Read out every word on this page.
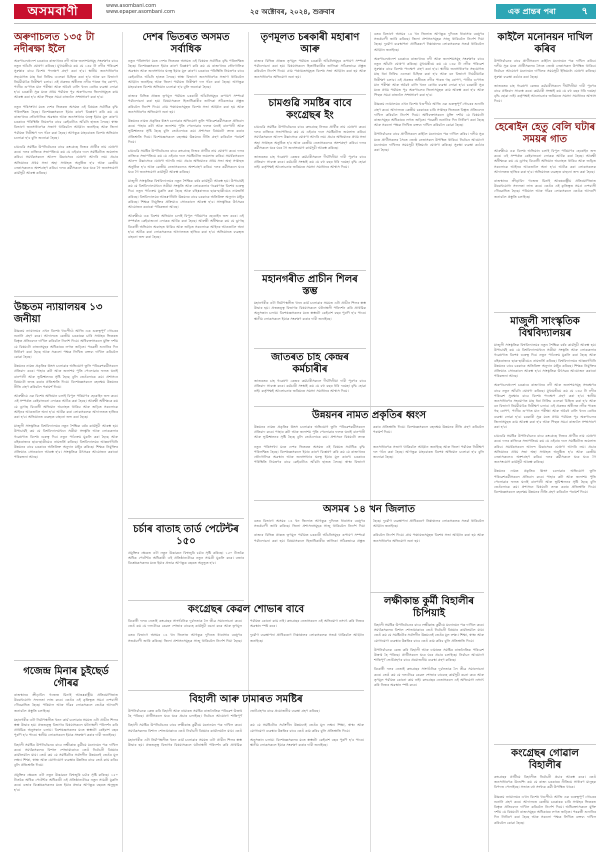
অসমবাণী	www.asombani.com
www.epaper.asombani.com	২৫ অক্টোবৰ, ২০২৪, শুক্ৰবাৰ	এক প্ৰান্তৰ পৰা	৭
অৰুণাচলত ১৩৫ টা নদীৰক্ষা ইলৈ

অৰুণাচলপ্ৰদেশ চৰকাৰে ৰাজ্যখনৰ নদী আৰু জলাশয়সমূহ সংৰক্ষণৰ বাবে নতুন আঁচনি ঘোষণা কৰিছে। মুখ্যমন্ত্ৰীয়ে কয় যে ১৩৫ টা নদীৰ পৰিৱেশ সুৰক্ষাৰ বাবে বিশেষ পদক্ষেপ গ্ৰহণ কৰা হ'ব। স্থানীয় জনসাধাৰণৰ সহযোগত মাছ ধৰা নিষিদ্ধ এলেকা চিহ্নিত কৰা হ'ব আৰু বন বিভাগে নিয়মীয়াকৈ নিৰীক্ষণ চলাব। এই প্ৰকল্পৰ অধীনত নদীৰ পাৰত গছ ৰোপণ, পানীৰ গুণগত মান পৰীক্ষা আৰু অবৈধ বালি খনন ৰোধৰ ব্যৱস্থা লোৱা হ'ব। চৰকাৰী সূত্ৰ মতে প্ৰথম পৰ্যায়ত পূব অৰুণাচলৰ জিলাসমূহত কাম আৰম্ভ কৰা হ'ব আৰু পিছত সমগ্ৰ ৰাজ্যলৈ সম্প্ৰসাৰণ কৰা হ'ব।

নতুন পৰিসংখ্যা মতে দেশৰ ভিতৰত অসমত এই বিষয়ত সৰ্বাধিক বৃদ্ধি পৰিলক্ষিত হৈছে। বিশেষজ্ঞসকলে ইয়াৰ কাৰণ বিশ্লেষণ কৰি কয় যে ৰাজ্যখনৰ ভৌগোলিক অৱস্থান আৰু জনসংখ্যাৰ ঘনত্ব ইয়াৰ মূল কাৰণ। চৰকাৰে পৰিস্থিতি নিয়ন্ত্ৰণৰ বাবে কেইবাটাও আঁচনি হাতত লৈছে। স্বাস্থ্য বিভাগে জনসাধাৰণক সজাগ থাকিবলৈ আহ্বান জনাইছে আৰু জিলা পৰ্যায়ত নিৰীক্ষণ দল গঠন কৰা হৈছে। আগন্তুক মাহবোৰত বিশেষ অভিযান চলোৱা হ'ব বুলি জনোৱা হৈছে।

চামগুৱি সমষ্টিৰ উপনিৰ্বাচনৰ বাবে কংগ্ৰেছে নিজৰ প্ৰাৰ্থীৰ নাম ঘোষণা কৰে। দলৰ ৰাজ্যিক সভাপতিয়ে কয় যে এইবাৰ দলে সমষ্টিটোত জয়লাভ কৰিব। সমৰ্থকসকলে আনন্দ উল্লাসেৰে ঘোষণা আদৰি লয়। প্ৰচাৰ অভিযানৰ প্ৰথম সভা অহা সপ্তাহত অনুষ্ঠিত হ'ব আৰু কেন্দ্ৰীয় নেতাসকলেও অংশগ্ৰহণ কৰিব। দলৰ কৰ্মীসকলে ঘৰে ঘৰে গৈ জনসংযোগ কাৰ্যসূচী আৰম্ভ কৰিছে।

উচ্চতম ন্যায়ালয়ৰ ১৩ জনীয়া

উচ্চতম ন্যায়ালয়ৰ এখন বিশেষ খণ্ডপীঠে আজি এক গুৰুত্বপূৰ্ণ গোচৰৰ শুনানি গ্ৰহণ কৰে। আদালতে কেন্দ্ৰীয় চৰকাৰক চাৰি সপ্তাহৰ ভিতৰত বিস্তৃত প্ৰতিবেদন দাখিল কৰিবলৈ নিৰ্দেশ দিয়ে। অধিবক্তাসকলে যুক্তি দৰ্শায় যে বিষয়টো ৰাজ্যসমূহৰ অধিকাৰৰ লগত জড়িত। পৰৱৰ্তী শুনানিৰ দিন নিৰ্ধাৰণ কৰা হৈছে আৰু সকলো পক্ষক লিখিত বক্তব্য দাখিল কৰিবলৈ কোৱা হৈছে।

উন্নয়নৰ নামত প্ৰকৃতিৰ ধ্বংস চলোৱাৰ অভিযোগ তুলি পৰিৱেশকৰ্মীসকলে প্ৰতিবাদ কৰে। পাহাৰ কটা আৰু জলাশয় পুতি পেলোৱাৰ ফলত ঘনাই বানপানী আৰু ভূমিস্খলনৰ সৃষ্টি হৈছে বুলি তেওঁলোকে কয়। প্ৰশাসনে বিষয়টো তদন্ত কৰাৰ প্ৰতিশ্ৰুতি দিয়ে। বিশেষজ্ঞসকলে বহনক্ষম উন্নয়নৰ নীতি গ্ৰহণ কৰিবলৈ পৰামৰ্শ দিয়ে।

আৰক্ষীয়ে এক বিশেষ অভিযান চলাই বিপুল পৰিমাণৰ হেৰোইন জব্দ কৰে। এই সম্পৰ্কত কেইবাজনো লোকক আটক কৰা হৈছে। আৰক্ষী অধীক্ষকে কয় যে ড্ৰাগছ বিৰোধী অভিযান অব্যাহত থাকিব আৰু জড়িত সকলোকে আইনৰ আওতালৈ অনা হ'ব। আটক কৰা লোকসকলক আদালতত হাজিৰ কৰা হ'ব। অভিযানত ব্যৱহৃত বাহনো জব্দ কৰা হৈছে।

মাজুলী সাংস্কৃতিক বিশ্ববিদ্যালয়ৰ নতুন শৈক্ষিক বৰ্ষৰ কাৰ্যসূচী আৰম্ভ হয়। উপাচাৰ্যই কয় যে বিশ্ববিদ্যালয়খনে সত্ৰীয়া সংস্কৃতি আৰু লোককলাৰ গৱেষণাত বিশেষ গুৰুত্ব দিব। নতুন পাঠ্যক্ৰম মুকলি কৰা হৈছে আৰু বহিঃৰাজ্যৰ ছাত্ৰ-ছাত্ৰীয়েও নামভৰ্তি কৰিছে। বিশ্ববিদ্যালয়ৰ আন্তঃগাঁথনি উন্নয়নৰ বাবে চৰকাৰে অতিৰিক্ত অনুদান মঞ্জুৰ কৰিছে। শিক্ষক নিযুক্তিৰ প্ৰক্ৰিয়াও সোনকালে আৰম্ভ হ'ব। সাংস্কৃতিক উৎসৱৰ আয়োজন কৰাৰো পৰিকল্পনা আছে।

গজেন্দ্ৰ মিনাৰ চুইছেৰ্ড গৌৰৱ

ৰাজস্থানৰ ক্ৰীড়াবিদ গজেন্দ্ৰ মিনাই আন্তঃৰাষ্ট্ৰীয় প্ৰতিযোগিতাত উল্লেখযোগ্য সফলতা লাভ কৰে। তেওঁৰ এই কৃতিত্বত সমগ্ৰ দেশবাসী গৌৰৱান্বিত হৈছে। পৰিয়াল আৰু গাঁৱৰ লোকসকলে তেওঁক আদৰণি জনাবলৈ প্ৰস্তুতি চলাইছে।

মহানগৰীৰ এটা নিৰ্মাণস্থলীত খনন কাৰ্য চলোৱাৰ সময়ত এটা প্ৰাচীন শিলৰ স্তম্ভ উদ্ধাৰ হয়। প্ৰত্নতত্ত্ব বিভাগৰ বিষয়াসকলে ঘটনাস্থলী পৰিদৰ্শন কৰি প্ৰাথমিক অনুসন্ধান চলায়। বিশেষজ্ঞসকলৰ মতে স্তম্ভটো কেইবাশ বছৰ পুৰণি হ'ব পাৰে। স্থানীয় লোকসকলে ইয়াক সংৰক্ষণ কৰাৰ দাবী জনাইছে।

বিহালী সমষ্টিৰ উপনিৰ্বাচনৰ বাবে লক্ষীকান্ত কুৰ্মীয়ে মনোনয়ন পত্ৰ দাখিল কৰে। সমৰ্থকসকলৰ বিশাল শোভাযাত্ৰাৰে তেওঁ নিৰ্বাচনী বিষয়াৰ কাৰ্যালয়লৈ যায়। তেওঁ কয় যে সমষ্টিটোৰ সৰ্বাংগীন উন্নয়নেই তেওঁৰ মূল লক্ষ্য। শিক্ষা, স্বাস্থ্য আৰু যোগাযোগ ব্যৱস্থাৰ উন্নতিৰ বাবে তেওঁ কাম কৰিব বুলি প্ৰতিশ্ৰুতি দিয়ে।

প্ৰযুক্তিৰ ক্ষেত্ৰত এটা নতুন উদ্ভাৱনে বিশ্বজুৰি চৰ্চাৰ সৃষ্টি কৰিছে। ১৫০ টাতকৈ অধিক পেটেন্টৰ অধিকাৰী এই প্ৰতিষ্ঠানটোৱে নতুন সামগ্ৰী মুকলি কৰে। বজাৰ বিশ্লেষকসকলৰ মতে ইয়াৰ প্ৰভাৱ আগন্তুক বছৰত অনুভূত হ'ব।

দেশৰ ভিতৰত অসমত সৰ্বাধিক

নতুন পৰিসংখ্যা মতে দেশৰ ভিতৰত অসমত এই বিষয়ত সৰ্বাধিক বৃদ্ধি পৰিলক্ষিত হৈছে। বিশেষজ্ঞসকলে ইয়াৰ কাৰণ বিশ্লেষণ কৰি কয় যে ৰাজ্যখনৰ ভৌগোলিক অৱস্থান আৰু জনসংখ্যাৰ ঘনত্ব ইয়াৰ মূল কাৰণ। চৰকাৰে পৰিস্থিতি নিয়ন্ত্ৰণৰ বাবে কেইবাটাও আঁচনি হাতত লৈছে। স্বাস্থ্য বিভাগে জনসাধাৰণক সজাগ থাকিবলৈ আহ্বান জনাইছে আৰু জিলা পৰ্যায়ত নিৰীক্ষণ দল গঠন কৰা হৈছে। আগন্তুক মাহবোৰত বিশেষ অভিযান চলোৱা হ'ব বুলি জনোৱা হৈছে।

ৰাজ্যৰ বিভিন্ন প্ৰান্তত তৃণমূল পৰ্যায়ত চৰকাৰী আঁচনিসমূহৰ ৰূপায়ণ সম্পৰ্কে পৰ্যালোচনা কৰা হয়। বিষয়াসকলে হিতাধিকাৰীৰ তালিকা সঠিকভাৱে প্ৰস্তুত কৰিবলৈ নিৰ্দেশ দিয়ে। গ্ৰাম পঞ্চায়তসমূহত বিশেষ সভা আহ্বান কৰা হয় আৰু জনসাধাৰণৰ অভিযোগ শুনা হয়।

উন্নয়নৰ নামত প্ৰকৃতিৰ ধ্বংস চলোৱাৰ অভিযোগ তুলি পৰিৱেশকৰ্মীসকলে প্ৰতিবাদ কৰে। পাহাৰ কটা আৰু জলাশয় পুতি পেলোৱাৰ ফলত ঘনাই বানপানী আৰু ভূমিস্খলনৰ সৃষ্টি হৈছে বুলি তেওঁলোকে কয়। প্ৰশাসনে বিষয়টো তদন্ত কৰাৰ প্ৰতিশ্ৰুতি দিয়ে। বিশেষজ্ঞসকলে বহনক্ষম উন্নয়নৰ নীতি গ্ৰহণ কৰিবলৈ পৰামৰ্শ দিয়ে।

চামগুৱি সমষ্টিৰ উপনিৰ্বাচনৰ বাবে কংগ্ৰেছে নিজৰ প্ৰাৰ্থীৰ নাম ঘোষণা কৰে। দলৰ ৰাজ্যিক সভাপতিয়ে কয় যে এইবাৰ দলে সমষ্টিটোত জয়লাভ কৰিব। সমৰ্থকসকলে আনন্দ উল্লাসেৰে ঘোষণা আদৰি লয়। প্ৰচাৰ অভিযানৰ প্ৰথম সভা অহা সপ্তাহত অনুষ্ঠিত হ'ব আৰু কেন্দ্ৰীয় নেতাসকলেও অংশগ্ৰহণ কৰিব। দলৰ কৰ্মীসকলে ঘৰে ঘৰে গৈ জনসংযোগ কাৰ্যসূচী আৰম্ভ কৰিছে।

মাজুলী সাংস্কৃতিক বিশ্ববিদ্যালয়ৰ নতুন শৈক্ষিক বৰ্ষৰ কাৰ্যসূচী আৰম্ভ হয়। উপাচাৰ্যই কয় যে বিশ্ববিদ্যালয়খনে সত্ৰীয়া সংস্কৃতি আৰু লোককলাৰ গৱেষণাত বিশেষ গুৰুত্ব দিব। নতুন পাঠ্যক্ৰম মুকলি কৰা হৈছে আৰু বহিঃৰাজ্যৰ ছাত্ৰ-ছাত্ৰীয়েও নামভৰ্তি কৰিছে। বিশ্ববিদ্যালয়ৰ আন্তঃগাঁথনি উন্নয়নৰ বাবে চৰকাৰে অতিৰিক্ত অনুদান মঞ্জুৰ কৰিছে। শিক্ষক নিযুক্তিৰ প্ৰক্ৰিয়াও সোনকালে আৰম্ভ হ'ব। সাংস্কৃতিক উৎসৱৰ আয়োজন কৰাৰো পৰিকল্পনা আছে।

আৰক্ষীয়ে এক বিশেষ অভিযান চলাই বিপুল পৰিমাণৰ হেৰোইন জব্দ কৰে। এই সম্পৰ্কত কেইবাজনো লোকক আটক কৰা হৈছে। আৰক্ষী অধীক্ষকে কয় যে ড্ৰাগছ বিৰোধী অভিযান অব্যাহত থাকিব আৰু জড়িত সকলোকে আইনৰ আওতালৈ অনা হ'ব। আটক কৰা লোকসকলক আদালতত হাজিৰ কৰা হ'ব। অভিযানত ব্যৱহৃত বাহনো জব্দ কৰা হৈছে।

চৰ্চাৰ বাতাহ তাৰ্ড পেটেন্টৰ ১৫০

প্ৰযুক্তিৰ ক্ষেত্ৰত এটা নতুন উদ্ভাৱনে বিশ্বজুৰি চৰ্চাৰ সৃষ্টি কৰিছে। ১৫০ টাতকৈ অধিক পেটেন্টৰ অধিকাৰী এই প্ৰতিষ্ঠানটোৱে নতুন সামগ্ৰী মুকলি কৰে। বজাৰ বিশ্লেষকসকলৰ মতে ইয়াৰ প্ৰভাৱ আগন্তুক বছৰত অনুভূত হ'ব।

কংগ্ৰেছৰ কেৱল শোভাৰ বাবে

বিৰোধী দলৰ নেতাই কংগ্ৰেছৰ সাংগঠনিক দুৰ্বলতাক লৈ তীব্ৰ সমালোচনা কৰে। তেওঁ কয় যে দলটোৱে কেৱল শোভাৰ বাবেহে কাৰ্যসূচী ৰচনা কৰে আৰু তৃণমূল পৰ্যায়ত কোনো কাম নাই। কংগ্ৰেছৰ নেতাসকলে এই অভিযোগ নস্যাৎ কৰি নিজৰ অৱস্থান স্পষ্ট কৰে।

বতৰ বিভাগে অসমৰ ১৪ খন জিলাত আগন্তুক দুদিনত ধাৰাসাৰ বৰষুণৰ সতৰ্কবাণী জাৰি কৰিছে। জিলা প্ৰশাসনসমূহক সাজু থাকিবলৈ নিৰ্দেশ দিয়া হৈছে। দুৰ্যোগ ব্যৱস্থাপনা প্ৰাধিকৰণে নিম্নাঞ্চলৰ লোকসকলক সতৰ্ক থাকিবলৈ আহ্বান জনাইছে।

বিহালী আৰু ঢামাৰত সমষ্টিৰ

উপনিৰ্বাচনক কেন্দ্ৰ কৰি বিহালী আৰু ঢামাৰত সমষ্টিৰ ৰাজনৈতিক পৰিৱেশ উত্তপ্ত হৈ পৰিছে। প্ৰাৰ্থীসকলে ঘৰে ঘৰে প্ৰচাৰ চলাইছে। নিৰ্বাচন আয়োগে শান্তিপূৰ্ণ ভোটগ্ৰহণৰ বাবে প্ৰয়োজনীয় ব্যৱস্থা গ্ৰহণ কৰিছে।

বিহালী সমষ্টিৰ উপনিৰ্বাচনৰ বাবে লক্ষীকান্ত কুৰ্মীয়ে মনোনয়ন পত্ৰ দাখিল কৰে। সমৰ্থকসকলৰ বিশাল শোভাযাত্ৰাৰে তেওঁ নিৰ্বাচনী বিষয়াৰ কাৰ্যালয়লৈ যায়। তেওঁ কয় যে সমষ্টিটোৰ সৰ্বাংগীন উন্নয়নেই তেওঁৰ মূল লক্ষ্য। শিক্ষা, স্বাস্থ্য আৰু যোগাযোগ ব্যৱস্থাৰ উন্নতিৰ বাবে তেওঁ কাম কৰিব বুলি প্ৰতিশ্ৰুতি দিয়ে।

মহানগৰীৰ এটা নিৰ্মাণস্থলীত খনন কাৰ্য চলোৱাৰ সময়ত এটা প্ৰাচীন শিলৰ স্তম্ভ উদ্ধাৰ হয়। প্ৰত্নতত্ত্ব বিভাগৰ বিষয়াসকলে ঘটনাস্থলী পৰিদৰ্শন কৰি প্ৰাথমিক অনুসন্ধান চলায়। বিশেষজ্ঞসকলৰ মতে স্তম্ভটো কেইবাশ বছৰ পুৰণি হ'ব পাৰে। স্থানীয় লোকসকলে ইয়াক সংৰক্ষণ কৰাৰ দাবী জনাইছে।

তৃণমূলত চৰকাৰী মহাৰাণ আৰু

ৰাজ্যৰ বিভিন্ন প্ৰান্তত তৃণমূল পৰ্যায়ত চৰকাৰী আঁচনিসমূহৰ ৰূপায়ণ সম্পৰ্কে পৰ্যালোচনা কৰা হয়। বিষয়াসকলে হিতাধিকাৰীৰ তালিকা সঠিকভাৱে প্ৰস্তুত কৰিবলৈ নিৰ্দেশ দিয়ে। গ্ৰাম পঞ্চায়তসমূহত বিশেষ সভা আহ্বান কৰা হয় আৰু জনসাধাৰণৰ অভিযোগ শুনা হয়।

চামগুৱি সমষ্টিৰ বাবে কংগ্ৰেছৰ ইং

চামগুৱি সমষ্টিৰ উপনিৰ্বাচনৰ বাবে কংগ্ৰেছে নিজৰ প্ৰাৰ্থীৰ নাম ঘোষণা কৰে। দলৰ ৰাজ্যিক সভাপতিয়ে কয় যে এইবাৰ দলে সমষ্টিটোত জয়লাভ কৰিব। সমৰ্থকসকলে আনন্দ উল্লাসেৰে ঘোষণা আদৰি লয়। প্ৰচাৰ অভিযানৰ প্ৰথম সভা অহা সপ্তাহত অনুষ্ঠিত হ'ব আৰু কেন্দ্ৰীয় নেতাসকলেও অংশগ্ৰহণ কৰিব। দলৰ কৰ্মীসকলে ঘৰে ঘৰে গৈ জনসংযোগ কাৰ্যসূচী আৰম্ভ কৰিছে।

জাতৰতৰ চাহ গৱেষণা কেন্দ্ৰৰ কৰ্মচাৰীসকলে দীৰ্ঘদিনীয়া দাবী পূৰণৰ বাবে প্ৰতিবাদ সাব্যস্ত কৰে। কৰ্মচাৰী সংস্থাই কয় যে বহু বছৰ ধৰি দৰমহা বৃদ্ধি হোৱা নাই। কৰ্তৃপক্ষই আলোচনাৰ জৰিয়তে সমস্যা সমাধানৰ আশ্বাস দিয়ে।

মহানগৰীত প্ৰাচীন শিলৰ স্তম্ভ

মহানগৰীৰ এটা নিৰ্মাণস্থলীত খনন কাৰ্য চলোৱাৰ সময়ত এটা প্ৰাচীন শিলৰ স্তম্ভ উদ্ধাৰ হয়। প্ৰত্নতত্ত্ব বিভাগৰ বিষয়াসকলে ঘটনাস্থলী পৰিদৰ্শন কৰি প্ৰাথমিক অনুসন্ধান চলায়। বিশেষজ্ঞসকলৰ মতে স্তম্ভটো কেইবাশ বছৰ পুৰণি হ'ব পাৰে। স্থানীয় লোকসকলে ইয়াক সংৰক্ষণ কৰাৰ দাবী জনাইছে।

জাতৰত চাহ কেন্দ্ৰৰ কৰ্মচাৰীৰ

জাতৰতৰ চাহ গৱেষণা কেন্দ্ৰৰ কৰ্মচাৰীসকলে দীৰ্ঘদিনীয়া দাবী পূৰণৰ বাবে প্ৰতিবাদ সাব্যস্ত কৰে। কৰ্মচাৰী সংস্থাই কয় যে বহু বছৰ ধৰি দৰমহা বৃদ্ধি হোৱা নাই। কৰ্তৃপক্ষই আলোচনাৰ জৰিয়তে সমস্যা সমাধানৰ আশ্বাস দিয়ে।

বতৰ বিভাগে অসমৰ ১৪ খন জিলাত আগন্তুক দুদিনত ধাৰাসাৰ বৰষুণৰ সতৰ্কবাণী জাৰি কৰিছে। জিলা প্ৰশাসনসমূহক সাজু থাকিবলৈ নিৰ্দেশ দিয়া হৈছে। দুৰ্যোগ ব্যৱস্থাপনা প্ৰাধিকৰণে নিম্নাঞ্চলৰ লোকসকলক সতৰ্ক থাকিবলৈ আহ্বান জনাইছে।

অৰুণাচলপ্ৰদেশ চৰকাৰে ৰাজ্যখনৰ নদী আৰু জলাশয়সমূহ সংৰক্ষণৰ বাবে নতুন আঁচনি ঘোষণা কৰিছে। মুখ্যমন্ত্ৰীয়ে কয় যে ১৩৫ টা নদীৰ পৰিৱেশ সুৰক্ষাৰ বাবে বিশেষ পদক্ষেপ গ্ৰহণ কৰা হ'ব। স্থানীয় জনসাধাৰণৰ সহযোগত মাছ ধৰা নিষিদ্ধ এলেকা চিহ্নিত কৰা হ'ব আৰু বন বিভাগে নিয়মীয়াকৈ নিৰীক্ষণ চলাব। এই প্ৰকল্পৰ অধীনত নদীৰ পাৰত গছ ৰোপণ, পানীৰ গুণগত মান পৰীক্ষা আৰু অবৈধ বালি খনন ৰোধৰ ব্যৱস্থা লোৱা হ'ব। চৰকাৰী সূত্ৰ মতে প্ৰথম পৰ্যায়ত পূব অৰুণাচলৰ জিলাসমূহত কাম আৰম্ভ কৰা হ'ব আৰু পিছত সমগ্ৰ ৰাজ্যলৈ সম্প্ৰসাৰণ কৰা হ'ব।

উচ্চতম ন্যায়ালয়ৰ এখন বিশেষ খণ্ডপীঠে আজি এক গুৰুত্বপূৰ্ণ গোচৰৰ শুনানি গ্ৰহণ কৰে। আদালতে কেন্দ্ৰীয় চৰকাৰক চাৰি সপ্তাহৰ ভিতৰত বিস্তৃত প্ৰতিবেদন দাখিল কৰিবলৈ নিৰ্দেশ দিয়ে। অধিবক্তাসকলে যুক্তি দৰ্শায় যে বিষয়টো ৰাজ্যসমূহৰ অধিকাৰৰ লগত জড়িত। পৰৱৰ্তী শুনানিৰ দিন নিৰ্ধাৰণ কৰা হৈছে আৰু সকলো পক্ষক লিখিত বক্তব্য দাখিল কৰিবলৈ কোৱা হৈছে।

উপনিৰ্বাচনৰ বাবে প্ৰাৰ্থীসকলে কাইলৈ মনোনয়ন পত্ৰ দাখিল কৰিব। দলীয় সূত্ৰ মতে প্ৰাৰ্থীসকলৰ সৈতে জ্যেষ্ঠ নেতাসকল উপস্থিত থাকিব। নিৰ্বাচন আয়োগে মনোনয়ন দাখিলৰ সময়সূচী ইতিমধ্যে ঘোষণা কৰিছে। সুৰক্ষা ব্যৱস্থা কঠোৰ কৰা হৈছে।

উন্নয়নৰ নামত প্ৰকৃতিৰ ধ্বংস

উন্নয়নৰ নামত প্ৰকৃতিৰ ধ্বংস চলোৱাৰ অভিযোগ তুলি পৰিৱেশকৰ্মীসকলে প্ৰতিবাদ কৰে। পাহাৰ কটা আৰু জলাশয় পুতি পেলোৱাৰ ফলত ঘনাই বানপানী আৰু ভূমিস্খলনৰ সৃষ্টি হৈছে বুলি তেওঁলোকে কয়। প্ৰশাসনে বিষয়টো তদন্ত কৰাৰ প্ৰতিশ্ৰুতি দিয়ে। বিশেষজ্ঞসকলে বহনক্ষম উন্নয়নৰ নীতি গ্ৰহণ কৰিবলৈ পৰামৰ্শ দিয়ে।

নতুন পৰিসংখ্যা মতে দেশৰ ভিতৰত অসমত এই বিষয়ত সৰ্বাধিক বৃদ্ধি পৰিলক্ষিত হৈছে। বিশেষজ্ঞসকলে ইয়াৰ কাৰণ বিশ্লেষণ কৰি কয় যে ৰাজ্যখনৰ ভৌগোলিক অৱস্থান আৰু জনসংখ্যাৰ ঘনত্ব ইয়াৰ মূল কাৰণ। চৰকাৰে পৰিস্থিতি নিয়ন্ত্ৰণৰ বাবে কেইবাটাও আঁচনি হাতত লৈছে। স্বাস্থ্য বিভাগে জনসাধাৰণক সজাগ থাকিবলৈ আহ্বান জনাইছে আৰু জিলা পৰ্যায়ত নিৰীক্ষণ দল গঠন কৰা হৈছে। আগন্তুক মাহবোৰত বিশেষ অভিযান চলোৱা হ'ব বুলি জনোৱা হৈছে।

অসমৰ ১৪ খন জিলাত

বতৰ বিভাগে অসমৰ ১৪ খন জিলাত আগন্তুক দুদিনত ধাৰাসাৰ বৰষুণৰ সতৰ্কবাণী জাৰি কৰিছে। জিলা প্ৰশাসনসমূহক সাজু থাকিবলৈ নিৰ্দেশ দিয়া হৈছে। দুৰ্যোগ ব্যৱস্থাপনা প্ৰাধিকৰণে নিম্নাঞ্চলৰ লোকসকলক সতৰ্ক থাকিবলৈ আহ্বান জনাইছে।

ৰাজ্যৰ বিভিন্ন প্ৰান্তত তৃণমূল পৰ্যায়ত চৰকাৰী আঁচনিসমূহৰ ৰূপায়ণ সম্পৰ্কে পৰ্যালোচনা কৰা হয়। বিষয়াসকলে হিতাধিকাৰীৰ তালিকা সঠিকভাৱে প্ৰস্তুত কৰিবলৈ নিৰ্দেশ দিয়ে। গ্ৰাম পঞ্চায়তসমূহত বিশেষ সভা আহ্বান কৰা হয় আৰু জনসাধাৰণৰ অভিযোগ শুনা হয়।

লক্ষীকান্ত কুৰ্মী বিহালীৰ চিপিয়াই

বিহালী সমষ্টিৰ উপনিৰ্বাচনৰ বাবে লক্ষীকান্ত কুৰ্মীয়ে মনোনয়ন পত্ৰ দাখিল কৰে। সমৰ্থকসকলৰ বিশাল শোভাযাত্ৰাৰে তেওঁ নিৰ্বাচনী বিষয়াৰ কাৰ্যালয়লৈ যায়। তেওঁ কয় যে সমষ্টিটোৰ সৰ্বাংগীন উন্নয়নেই তেওঁৰ মূল লক্ষ্য। শিক্ষা, স্বাস্থ্য আৰু যোগাযোগ ব্যৱস্থাৰ উন্নতিৰ বাবে তেওঁ কাম কৰিব বুলি প্ৰতিশ্ৰুতি দিয়ে।

উপনিৰ্বাচনক কেন্দ্ৰ কৰি বিহালী আৰু ঢামাৰত সমষ্টিৰ ৰাজনৈতিক পৰিৱেশ উত্তপ্ত হৈ পৰিছে। প্ৰাৰ্থীসকলে ঘৰে ঘৰে প্ৰচাৰ চলাইছে। নিৰ্বাচন আয়োগে শান্তিপূৰ্ণ ভোটগ্ৰহণৰ বাবে প্ৰয়োজনীয় ব্যৱস্থা গ্ৰহণ কৰিছে।

বিৰোধী দলৰ নেতাই কংগ্ৰেছৰ সাংগঠনিক দুৰ্বলতাক লৈ তীব্ৰ সমালোচনা কৰে। তেওঁ কয় যে দলটোৱে কেৱল শোভাৰ বাবেহে কাৰ্যসূচী ৰচনা কৰে আৰু তৃণমূল পৰ্যায়ত কোনো কাম নাই। কংগ্ৰেছৰ নেতাসকলে এই অভিযোগ নস্যাৎ কৰি নিজৰ অৱস্থান স্পষ্ট কৰে।

কাইলৈ মনোনয়ন দাখিল কৰিব

উপনিৰ্বাচনৰ বাবে প্ৰাৰ্থীসকলে কাইলৈ মনোনয়ন পত্ৰ দাখিল কৰিব। দলীয় সূত্ৰ মতে প্ৰাৰ্থীসকলৰ সৈতে জ্যেষ্ঠ নেতাসকল উপস্থিত থাকিব। নিৰ্বাচন আয়োগে মনোনয়ন দাখিলৰ সময়সূচী ইতিমধ্যে ঘোষণা কৰিছে। সুৰক্ষা ব্যৱস্থা কঠোৰ কৰা হৈছে।

জাতৰতৰ চাহ গৱেষণা কেন্দ্ৰৰ কৰ্মচাৰীসকলে দীৰ্ঘদিনীয়া দাবী পূৰণৰ বাবে প্ৰতিবাদ সাব্যস্ত কৰে। কৰ্মচাৰী সংস্থাই কয় যে বহু বছৰ ধৰি দৰমহা বৃদ্ধি হোৱা নাই। কৰ্তৃপক্ষই আলোচনাৰ জৰিয়তে সমস্যা সমাধানৰ আশ্বাস দিয়ে।

হেৰোইন হেতু বেলি ঘটাৰ সময়ৰ গাত

আৰক্ষীয়ে এক বিশেষ অভিযান চলাই বিপুল পৰিমাণৰ হেৰোইন জব্দ কৰে। এই সম্পৰ্কত কেইবাজনো লোকক আটক কৰা হৈছে। আৰক্ষী অধীক্ষকে কয় যে ড্ৰাগছ বিৰোধী অভিযান অব্যাহত থাকিব আৰু জড়িত সকলোকে আইনৰ আওতালৈ অনা হ'ব। আটক কৰা লোকসকলক আদালতত হাজিৰ কৰা হ'ব। অভিযানত ব্যৱহৃত বাহনো জব্দ কৰা হৈছে।

ৰাজস্থানৰ ক্ৰীড়াবিদ গজেন্দ্ৰ মিনাই আন্তঃৰাষ্ট্ৰীয় প্ৰতিযোগিতাত উল্লেখযোগ্য সফলতা লাভ কৰে। তেওঁৰ এই কৃতিত্বত সমগ্ৰ দেশবাসী গৌৰৱান্বিত হৈছে। পৰিয়াল আৰু গাঁৱৰ লোকসকলে তেওঁক আদৰণি জনাবলৈ প্ৰস্তুতি চলাইছে।

মাজুলী সাংস্কৃতিক বিশ্ববিদ্যালয়ৰ

মাজুলী সাংস্কৃতিক বিশ্ববিদ্যালয়ৰ নতুন শৈক্ষিক বৰ্ষৰ কাৰ্যসূচী আৰম্ভ হয়। উপাচাৰ্যই কয় যে বিশ্ববিদ্যালয়খনে সত্ৰীয়া সংস্কৃতি আৰু লোককলাৰ গৱেষণাত বিশেষ গুৰুত্ব দিব। নতুন পাঠ্যক্ৰম মুকলি কৰা হৈছে আৰু বহিঃৰাজ্যৰ ছাত্ৰ-ছাত্ৰীয়েও নামভৰ্তি কৰিছে। বিশ্ববিদ্যালয়ৰ আন্তঃগাঁথনি উন্নয়নৰ বাবে চৰকাৰে অতিৰিক্ত অনুদান মঞ্জুৰ কৰিছে। শিক্ষক নিযুক্তিৰ প্ৰক্ৰিয়াও সোনকালে আৰম্ভ হ'ব। সাংস্কৃতিক উৎসৱৰ আয়োজন কৰাৰো পৰিকল্পনা আছে।

অৰুণাচলপ্ৰদেশ চৰকাৰে ৰাজ্যখনৰ নদী আৰু জলাশয়সমূহ সংৰক্ষণৰ বাবে নতুন আঁচনি ঘোষণা কৰিছে। মুখ্যমন্ত্ৰীয়ে কয় যে ১৩৫ টা নদীৰ পৰিৱেশ সুৰক্ষাৰ বাবে বিশেষ পদক্ষেপ গ্ৰহণ কৰা হ'ব। স্থানীয় জনসাধাৰণৰ সহযোগত মাছ ধৰা নিষিদ্ধ এলেকা চিহ্নিত কৰা হ'ব আৰু বন বিভাগে নিয়মীয়াকৈ নিৰীক্ষণ চলাব। এই প্ৰকল্পৰ অধীনত নদীৰ পাৰত গছ ৰোপণ, পানীৰ গুণগত মান পৰীক্ষা আৰু অবৈধ বালি খনন ৰোধৰ ব্যৱস্থা লোৱা হ'ব। চৰকাৰী সূত্ৰ মতে প্ৰথম পৰ্যায়ত পূব অৰুণাচলৰ জিলাসমূহত কাম আৰম্ভ কৰা হ'ব আৰু পিছত সমগ্ৰ ৰাজ্যলৈ সম্প্ৰসাৰণ কৰা হ'ব।

চামগুৱি সমষ্টিৰ উপনিৰ্বাচনৰ বাবে কংগ্ৰেছে নিজৰ প্ৰাৰ্থীৰ নাম ঘোষণা কৰে। দলৰ ৰাজ্যিক সভাপতিয়ে কয় যে এইবাৰ দলে সমষ্টিটোত জয়লাভ কৰিব। সমৰ্থকসকলে আনন্দ উল্লাসেৰে ঘোষণা আদৰি লয়। প্ৰচাৰ অভিযানৰ প্ৰথম সভা অহা সপ্তাহত অনুষ্ঠিত হ'ব আৰু কেন্দ্ৰীয় নেতাসকলেও অংশগ্ৰহণ কৰিব। দলৰ কৰ্মীসকলে ঘৰে ঘৰে গৈ জনসংযোগ কাৰ্যসূচী আৰম্ভ কৰিছে।

উন্নয়নৰ নামত প্ৰকৃতিৰ ধ্বংস চলোৱাৰ অভিযোগ তুলি পৰিৱেশকৰ্মীসকলে প্ৰতিবাদ কৰে। পাহাৰ কটা আৰু জলাশয় পুতি পেলোৱাৰ ফলত ঘনাই বানপানী আৰু ভূমিস্খলনৰ সৃষ্টি হৈছে বুলি তেওঁলোকে কয়। প্ৰশাসনে বিষয়টো তদন্ত কৰাৰ প্ৰতিশ্ৰুতি দিয়ে। বিশেষজ্ঞসকলে বহনক্ষম উন্নয়নৰ নীতি গ্ৰহণ কৰিবলৈ পৰামৰ্শ দিয়ে।

কংগ্ৰেছৰ গোৱাল বিহালীৰ

কংগ্ৰেছৰ প্ৰাৰ্থীয়ে বিহালীত নিৰ্বাচনী প্ৰচাৰ আৰম্ভ কৰে। তেওঁ জনসাধাৰণক উদ্দেশ্যি কয় যে ৰাজ্য চৰকাৰৰ নীতিয়ে সাধাৰণ মানুহক বিপদত পেলাইছে। সভাত বহু সংখ্যক কৰ্মী উপস্থিত থাকে।

উচ্চতম ন্যায়ালয়ৰ এখন বিশেষ খণ্ডপীঠে আজি এক গুৰুত্বপূৰ্ণ গোচৰৰ শুনানি গ্ৰহণ কৰে। আদালতে কেন্দ্ৰীয় চৰকাৰক চাৰি সপ্তাহৰ ভিতৰত বিস্তৃত প্ৰতিবেদন দাখিল কৰিবলৈ নিৰ্দেশ দিয়ে। অধিবক্তাসকলে যুক্তি দৰ্শায় যে বিষয়টো ৰাজ্যসমূহৰ অধিকাৰৰ লগত জড়িত। পৰৱৰ্তী শুনানিৰ দিন নিৰ্ধাৰণ কৰা হৈছে আৰু সকলো পক্ষক লিখিত বক্তব্য দাখিল কৰিবলৈ কোৱা হৈছে।
